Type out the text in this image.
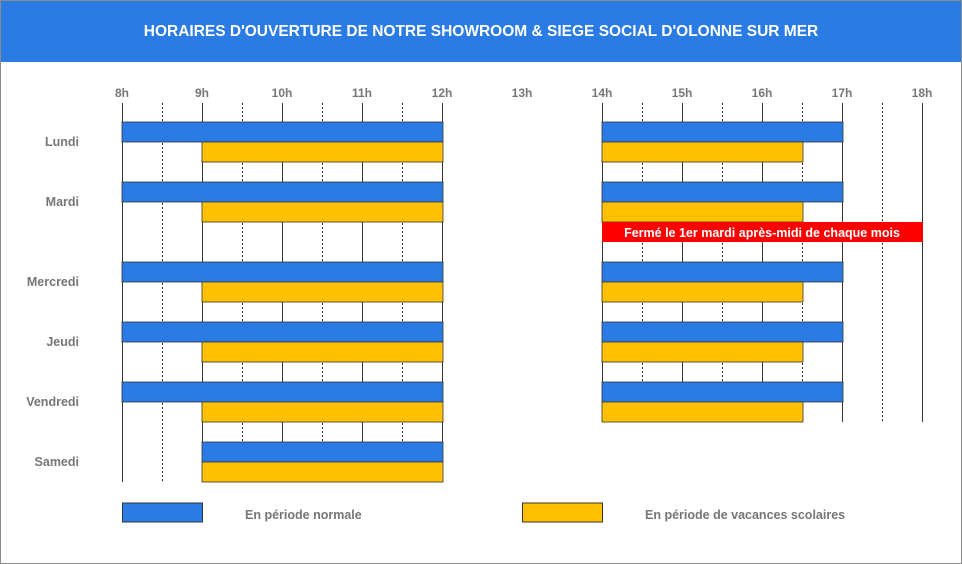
HORAIRES D'OUVERTURE DE NOTRE SHOWROOM & SIEGE SOCIAL D'OLONNE SUR MER
8h	9h	10h	11h	12h	13h	14h	15h	16h	17h	18h
Lundi
Mardi
Mercredi
Jeudi
Vendredi
Samedi
Fermé le 1er mardi après-midi de chaque mois
En période normale	En période de vacances scolaires
